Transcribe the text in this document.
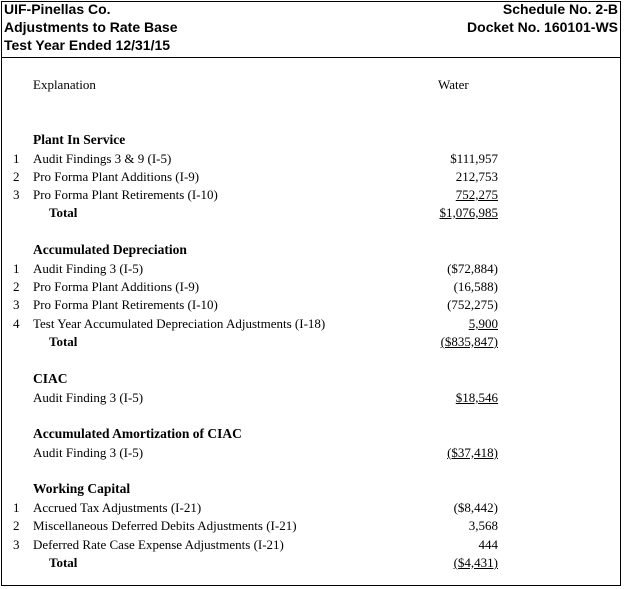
UIF-Pinellas Co.
Adjustments to Rate Base
Test Year Ended 12/31/15
Schedule No. 2-B
Docket No. 160101-WS
Explanation	Water
Plant In Service
1 Audit Findings 3 & 9 (I-5)	$111,957
2 Pro Forma Plant Additions (I-9)	212,753
3 Pro Forma Plant Retirements (I-10)	752,275
Total	$1,076,985
Accumulated Depreciation
1 Audit Finding 3 (I-5)	($72,884)
2 Pro Forma Plant Additions (I-9)	(16,588)
3 Pro Forma Plant Retirements (I-10)	(752,275)
4 Test Year Accumulated Depreciation Adjustments (I-18)	5,900
Total	($835,847)
CIAC
Audit Finding 3 (I-5)	$18,546
Accumulated Amortization of CIAC
Audit Finding 3 (I-5)	($37,418)
Working Capital
1 Accrued Tax Adjustments (I-21)	($8,442)
2 Miscellaneous Deferred Debits Adjustments (I-21)	3,568
3 Deferred Rate Case Expense Adjustments (I-21)	444
Total	($4,431)
